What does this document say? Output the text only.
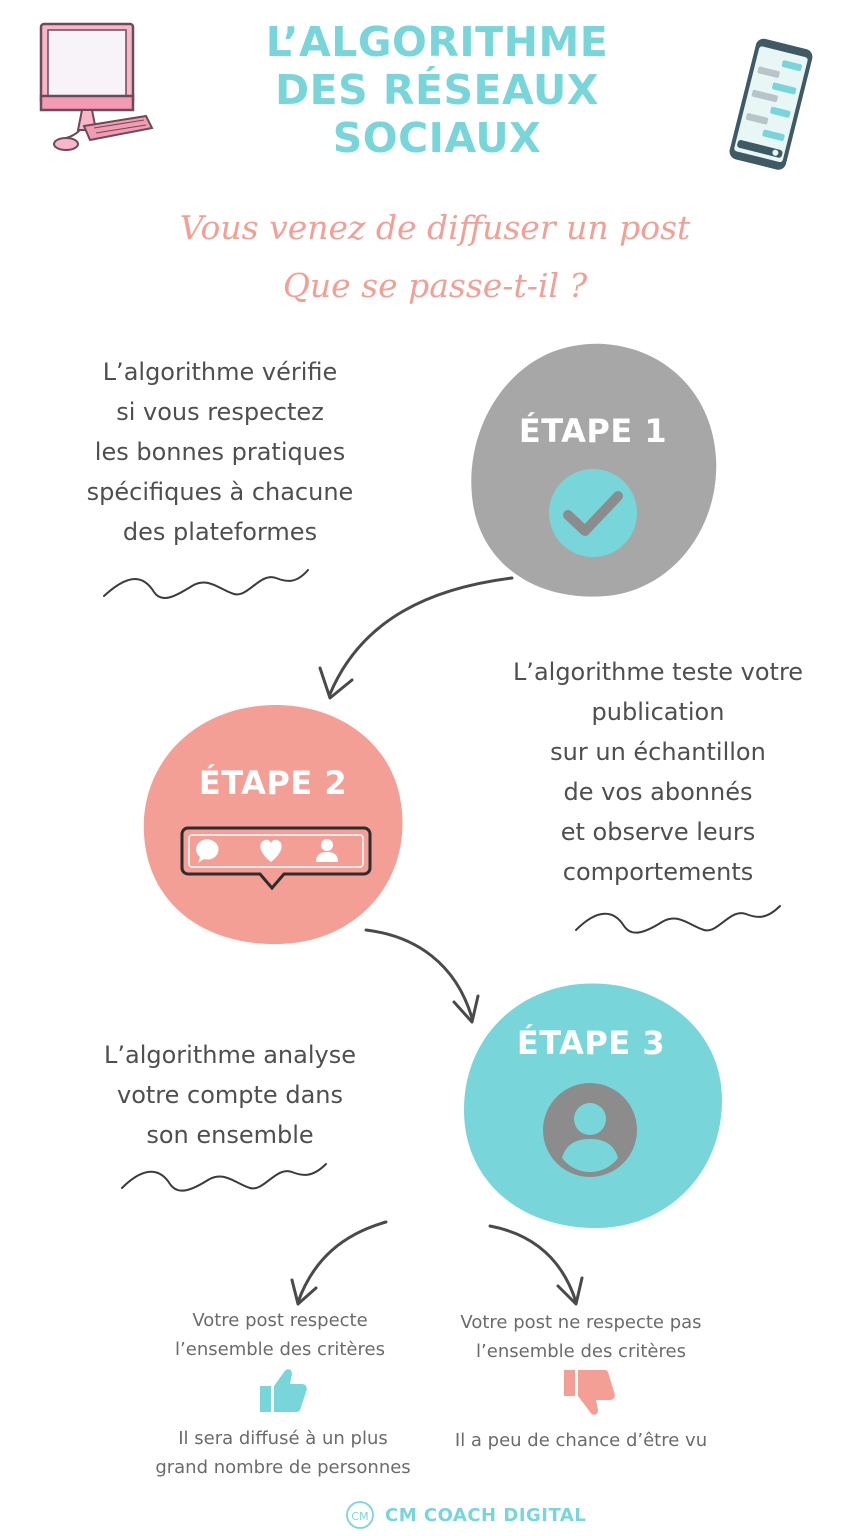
L’ALGORITHME
DES RÉSEAUX
SOCIAUX
Vous venez de diffuser un post
Que se passe-t-il ?
L’algorithme vérifie
si vous respectez
les bonnes pratiques
spécifiques à chacune
des plateformes
ÉTAPE 1
L’algorithme teste votre
publication
sur un échantillon
de vos abonnés
et observe leurs
comportements
ÉTAPE 2
L’algorithme analyse
votre compte dans
son ensemble
ÉTAPE 3
Votre post respecte
l’ensemble des critères
Il sera diffusé à un plus
grand nombre de personnes
Votre post ne respecte pas
l’ensemble des critères
Il a peu de chance d’être vu
CM CM COACH DIGITAL
